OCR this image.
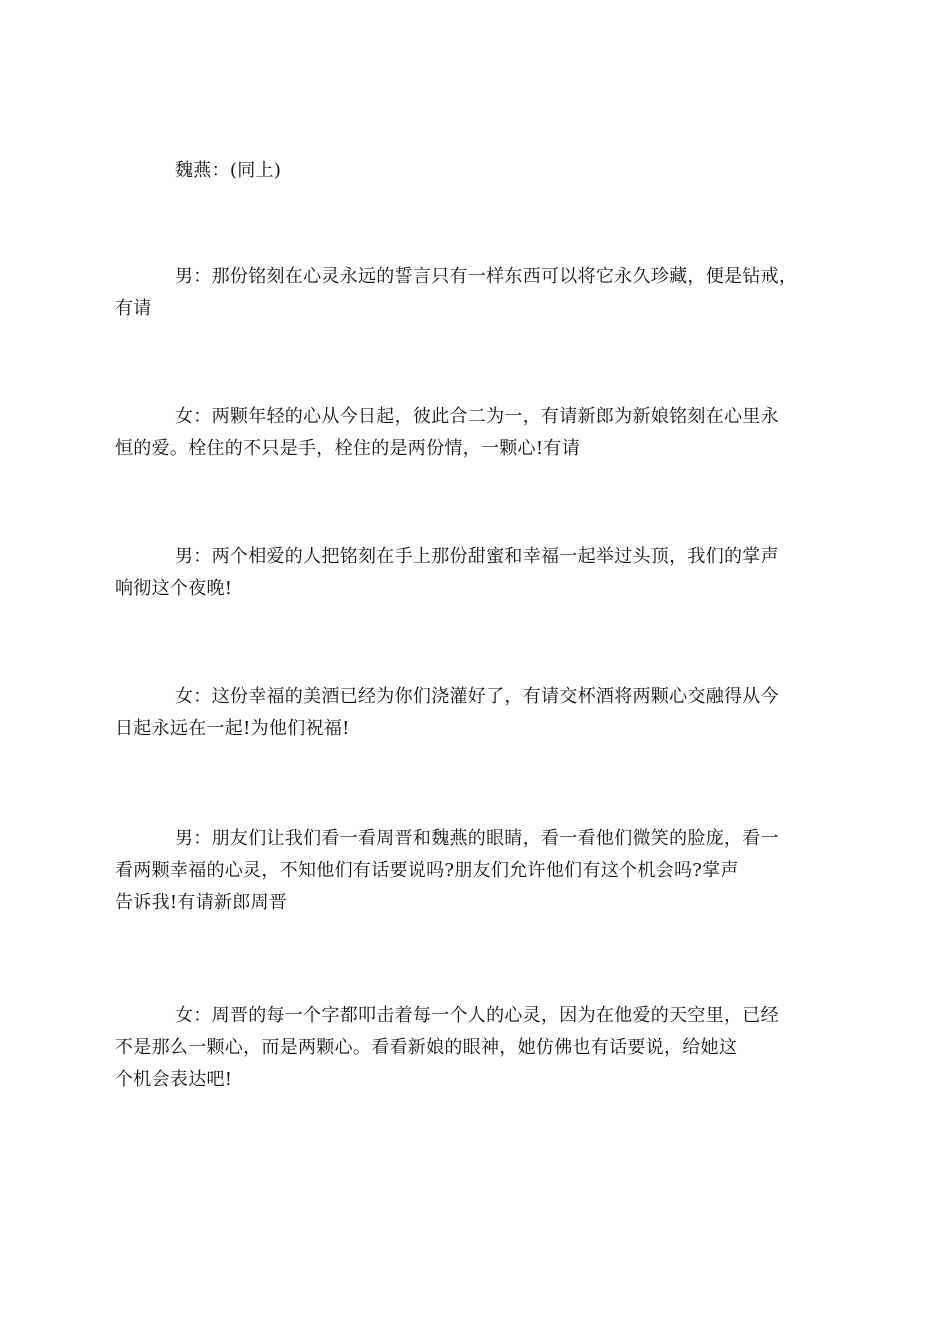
魏燕：(同上)

男：那份铭刻在心灵永远的誓言只有一样东西可以将它永久珍藏，便是钻戒，
有请

女：两颗年轻的心从今日起，彼此合二为一，有请新郎为新娘铭刻在心里永
恒的爱。栓住的不只是手，栓住的是两份情，一颗心!有请

男：两个相爱的人把铭刻在手上那份甜蜜和幸福一起举过头顶，我们的掌声
响彻这个夜晚!

女：这份幸福的美酒已经为你们浇灌好了，有请交杯酒将两颗心交融得从今
日起永远在一起!为他们祝福!

男：朋友们让我们看一看周晋和魏燕的眼睛，看一看他们微笑的脸庞，看一
看两颗幸福的心灵，不知他们有话要说吗?朋友们允许他们有这个机会吗?掌声
告诉我!有请新郎周晋

女：周晋的每一个字都叩击着每一个人的心灵，因为在他爱的天空里，已经
不是那么一颗心，而是两颗心。看看新娘的眼神，她仿佛也有话要说，给她这
个机会表达吧!
